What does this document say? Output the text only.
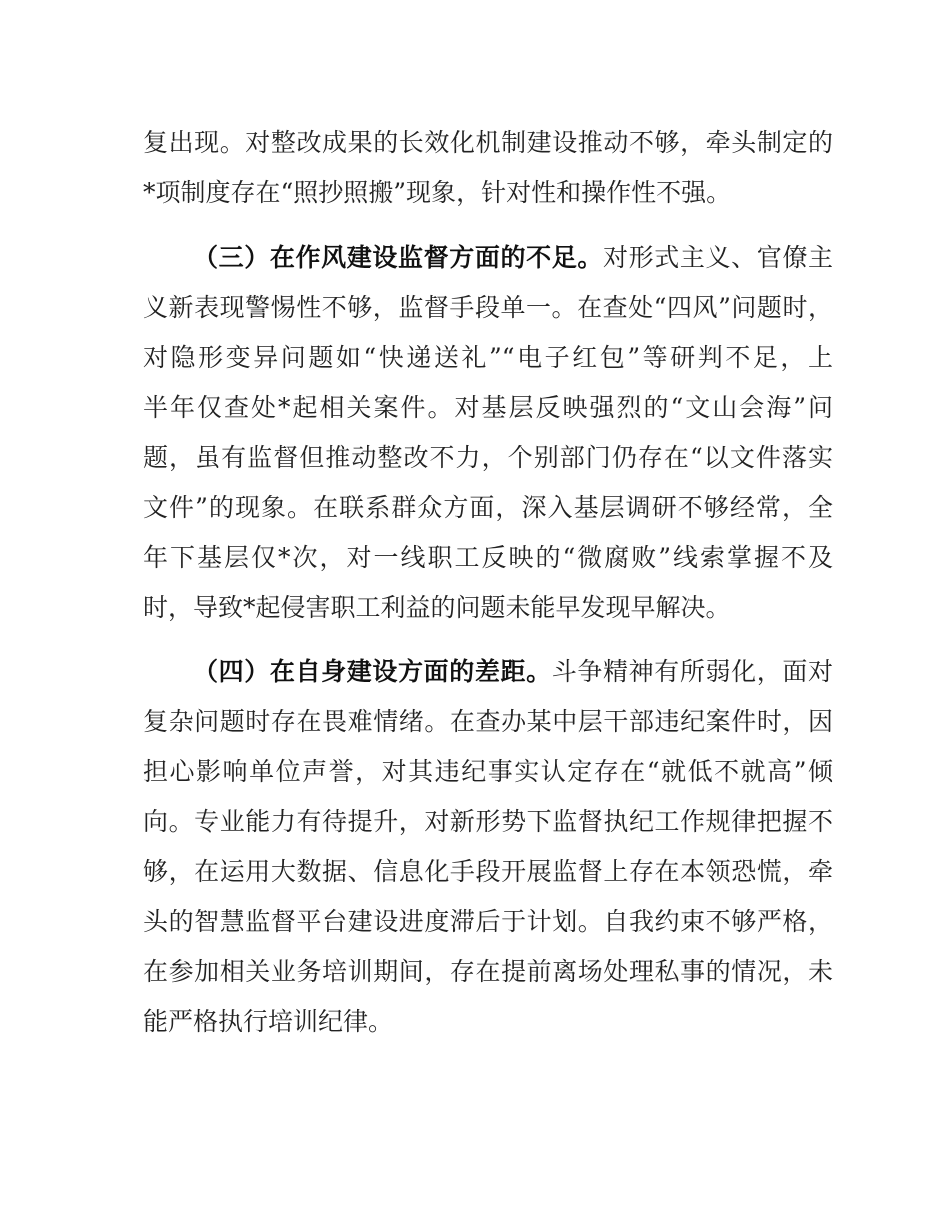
复出现。对整改成果的长效化机制建设推动不够，牵头制定的
*项制度存在“照抄照搬”现象，针对性和操作性不强。
（三）在作风建设监督方面的不足。对形式主义、官僚主
义新表现警惕性不够，监督手段单一。在查处“四风”问题时，
对隐形变异问题如“快递送礼”“电子红包”等研判不足，上
半年仅查处*起相关案件。对基层反映强烈的“文山会海”问
题，虽有监督但推动整改不力，个别部门仍存在“以文件落实
文件”的现象。在联系群众方面，深入基层调研不够经常，全
年下基层仅*次，对一线职工反映的“微腐败”线索掌握不及
时，导致*起侵害职工利益的问题未能早发现早解决。
（四）在自身建设方面的差距。斗争精神有所弱化，面对
复杂问题时存在畏难情绪。在查办某中层干部违纪案件时，因
担心影响单位声誉，对其违纪事实认定存在“就低不就高”倾
向。专业能力有待提升，对新形势下监督执纪工作规律把握不
够，在运用大数据、信息化手段开展监督上存在本领恐慌，牵
头的智慧监督平台建设进度滞后于计划。自我约束不够严格，
在参加相关业务培训期间，存在提前离场处理私事的情况，未
能严格执行培训纪律。
